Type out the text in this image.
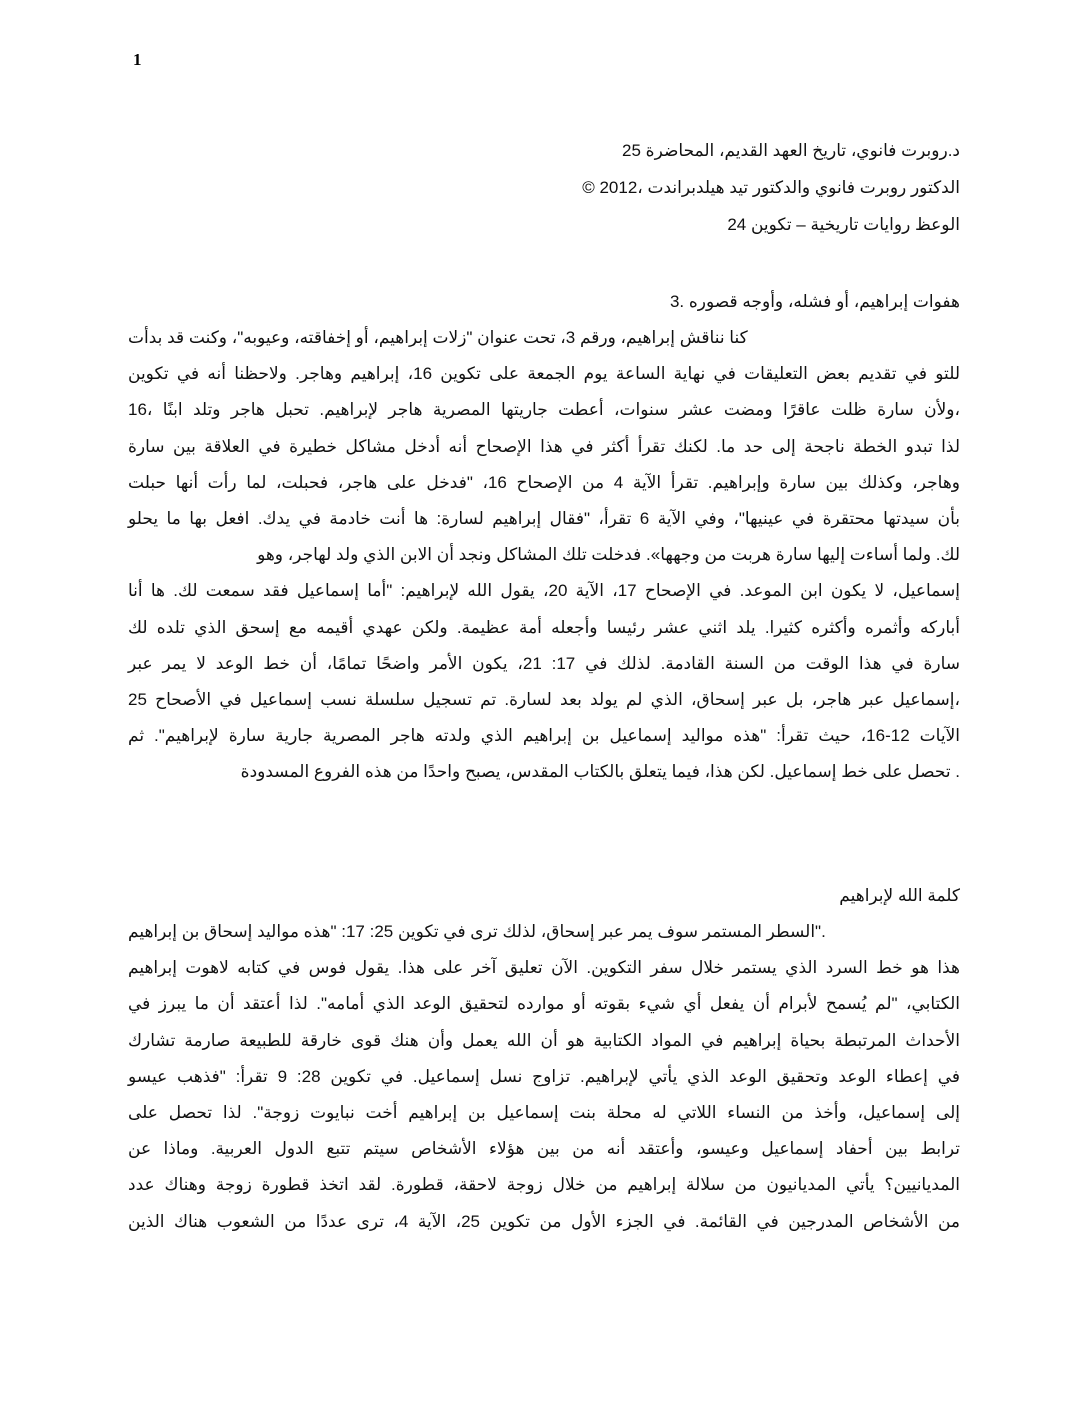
1
د.روبرت فانوي، تاريخ العهد القديم، المحاضرة 25
الدكتور روبرت فانوي والدكتور تيد هيلدبراندت ،2012 ©
الوعظ روايات تاريخية – تكوين 24
هفوات إبراهيم، أو فشله، وأوجه قصوره .3
كنا نناقش إبراهيم، ورقم 3، تحت عنوان "زلات إبراهيم، أو إخفاقته، وعيوبه"، وكنت قد بدأت
للتو في تقديم بعض التعليقات في نهاية الساعة يوم الجمعة على تكوين 16، إبراهيم وهاجر. ولاحظنا أنه في تكوين
،ولأن سارة ظلت عاقرًا ومضت عشر سنوات، أعطت جاريتها المصرية هاجر لإبراهيم. تحبل هاجر وتلد ابنًا ،16
لذا تبدو الخطة ناجحة إلى حد ما. لكنك تقرأ أكثر في هذا الإصحاح أنه أدخل مشاكل خطيرة في العلاقة بين سارة
وهاجر، وكذلك بين سارة وإبراهيم. تقرأ الآية 4 من الإصحاح 16، "فدخل على هاجر، فحبلت، لما رأت أنها حبلت
بأن سيدتها محتقرة في عينيها"، وفي الآية 6 تقرأ، "فقال إبراهيم لسارة: ها أنت خادمة في يدك. افعل بها ما يحلو
لك. ولما أساءت إليها سارة هربت من وجهها». فدخلت تلك المشاكل ونجد أن الابن الذي ولد لهاجر، وهو
إسماعيل، لا يكون ابن الموعد. في الإصحاح 17، الآية 20، يقول الله لإبراهيم: "أما إسماعيل فقد سمعت لك. ها أنا
أباركه وأثمره وأكثره كثيرا. يلد اثني عشر رئيسا وأجعله أمة عظيمة. ولكن عهدي أقيمه مع إسحق الذي تلده لك
سارة في هذا الوقت من السنة القادمة. لذلك في 17: 21، يكون الأمر واضحًا تمامًا، أن خط الوعد لا يمر عبر
،إسماعيل عبر هاجر، بل عبر إسحاق، الذي لم يولد بعد لسارة. تم تسجيل سلسلة نسب إسماعيل في الأصحاح 25
الآيات 12-16، حيث تقرأ: "هذه مواليد إسماعيل بن إبراهيم الذي ولدته هاجر المصرية جارية سارة لإبراهيم". ثم
. تحصل على خط إسماعيل. لكن هذا، فيما يتعلق بالكتاب المقدس، يصبح واحدًا من هذه الفروع المسدودة
كلمة الله لإبراهيم
."السطر المستمر سوف يمر عبر إسحاق، لذلك ترى في تكوين 25: 17: "هذه مواليد إسحاق بن إبراهيم
هذا هو خط السرد الذي يستمر خلال سفر التكوين. الآن تعليق آخر على هذا. يقول فوس في كتابه لاهوت إبراهيم
الكتابي، "لم يُسمح لأبرام أن يفعل أي شيء بقوته أو موارده لتحقيق الوعد الذي أمامه". لذا أعتقد أن ما يبرز في
الأحداث المرتبطة بحياة إبراهيم في المواد الكتابية هو أن الله يعمل وأن هنك قوى خارقة للطبيعة صارمة تشارك
في إعطاء الوعد وتحقيق الوعد الذي يأتي لإبراهيم. تزاوج نسل إسماعيل. في تكوين 28: 9 تقرأ: "فذهب عيسو
إلى إسماعيل، وأخذ من النساء اللاتي له محلة بنت إسماعيل بن إبراهيم أخت نبايوت زوجة". لذا تحصل على
ترابط بين أحفاد إسماعيل وعيسو، وأعتقد أنه من بين هؤلاء الأشخاص سيتم تتبع الدول العربية. وماذا عن
المديانيين؟ يأتي المديانيون من سلالة إبراهيم من خلال زوجة لاحقة، قطورة. لقد اتخذ قطورة زوجة وهناك عدد
من الأشخاص المدرجين في القائمة. في الجزء الأول من تكوين 25، الآية 4، ترى عددًا من الشعوب هناك الذين
